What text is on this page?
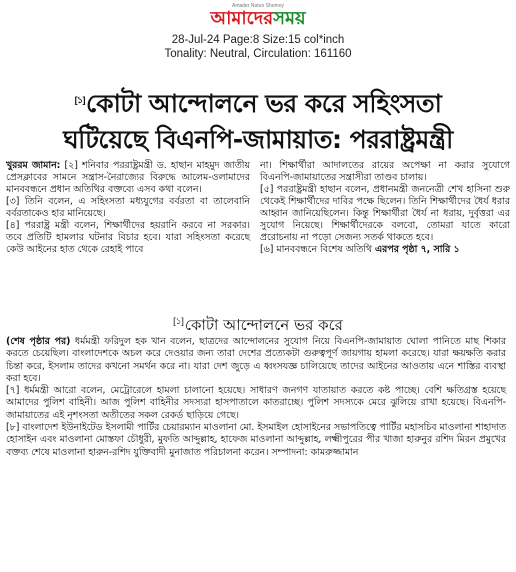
Amader Notun Shomoy
আমাদের সময়
28-Jul-24 Page:8 Size:15 col*inch
Tonality: Neutral, Circulation: 161160
[১]কোটা আন্দোলনে ভর করে সহিংসতা
ঘটিয়েছে বিএনপি-জামায়াত: পররাষ্ট্রমন্ত্রী

খুররম জামান: [২] শনিবার পররাষ্ট্রমন্ত্রী ড. হাছান মাহমুদ জাতীয় প্রেসক্লাবের সামনে সন্ত্রাস-নৈরাজ্যের বিরুদ্ধে আলেম-ওলামাদের মানববন্ধনে প্রধান অতিথির বক্তব্যে এসব কথা বলেন।

[৩] তিনি বলেন, এ সহিংসতা মধ্যযুগের বর্বরতা বা তালেবানি বর্বরতাকেও হার মানিয়েছে।

[৪] পররাষ্ট্র মন্ত্রী বলেন, শিক্ষার্থীদের হয়রানি করবে না সরকার। তবে প্রতিটি হামলার ঘটনার বিচার হবে। যারা সহিংসতা করেছে কেউ আইনের হাত থেকে রেহাই পাবে

না। শিক্ষার্থীরা আদালতের রায়ের অপেক্ষা না করার সুযোগে বিএনপি-জামায়াতের সন্ত্রাসীরা তাণ্ডব চালায়।

[৫] পররাষ্ট্রমন্ত্রী হাছান বলেন, প্রধানমন্ত্রী জননেত্রী শেখ হাসিনা শুরু থেকেই শিক্ষার্থীদের দাবির পক্ষে ছিলেন। তিনি শিক্ষার্থীদের ধৈর্য ধরার আহ্বান জানিয়েছিলেন। কিন্তু শিক্ষার্থীরা ধৈর্য না ধরায়, দুর্বৃত্তরা এর সুযোগ নিয়েছে। শিক্ষার্থীদেরকে বলবো, তোমরা যাতে কারো প্ররোচনায় না পড়ো সেজন্য সতর্ক থাকতে হবে।

[৬] মানববন্ধনে বিশেষ অতিথি এরপর পৃষ্ঠা ৭, সারি ১

[১]কোটা আন্দোলনে ভর করে

(শেষ পৃষ্ঠার পর) ধর্মমন্ত্রী ফরিদুল হক খান বলেন, ছাত্রদের আন্দোলনের সুযোগ নিয়ে বিএনপি-জামায়াত ঘোলা পানিতে মাছ শিকার করতে চেয়েছিল। বাংলাদেশকে অচল করে দেওয়ার জন্য তারা দেশের প্রত্যেকটা গুরুত্বপূর্ণ জায়গায় হামলা করেছে। যারা ক্ষয়ক্ষতি করার চিন্তা করে, ইসলাম তাদের কখনো সমর্থন করে না। যারা দেশ জুড়ে এ ধ্বংসযজ্ঞ চালিয়েছে তাদের আইনের আওতায় এনে শাস্তির ব্যবস্থা করা হবে।

[৭] ধর্মমন্ত্রী আরো বলেন, মেট্রোরেলে হামলা চালানো হয়েছে। সাধারণ জনগণ যাতায়াত করতে কষ্ট পাচ্ছে। বেশি ক্ষতিগ্রস্ত হয়েছে আমাদের পুলিশ বাহিনী। আজ পুলিশ বাহিনীর সদস্যরা হাসপাতালে কাতরাচ্ছে। পুলিশ সদস্যকে মেরে ঝুলিয়ে রাখা হয়েছে। বিএনপি-জামায়াতের এই নৃশংসতা অতীতের সকল রেকর্ড ছাড়িয়ে গেছে।

[৮] বাংলাদেশ ইউনাইটেড ইসলামী পার্টির চেয়ারম্যান মাওলানা মো. ইসমাইল হোসাইনের সভাপতিত্বে পার্টির মহাসচিব মাওলানা শাহাদাত হোসাইন এবং মাওলানা মোস্তফা চৌধুরী, মুফতি আব্দুল্লাহ, হাফেজ মাওলানা আব্দুল্লাহ, লক্ষ্মীপুরের পীর খাজা হারুনুর রশিদ মিরন প্রমুখের বক্তব্য শেষে মাওলানা হারুন-রশিদ যুক্তিবাদী মুনাজাত পরিচালনা করেন। সম্পাদনা: কামরুজ্জামান
